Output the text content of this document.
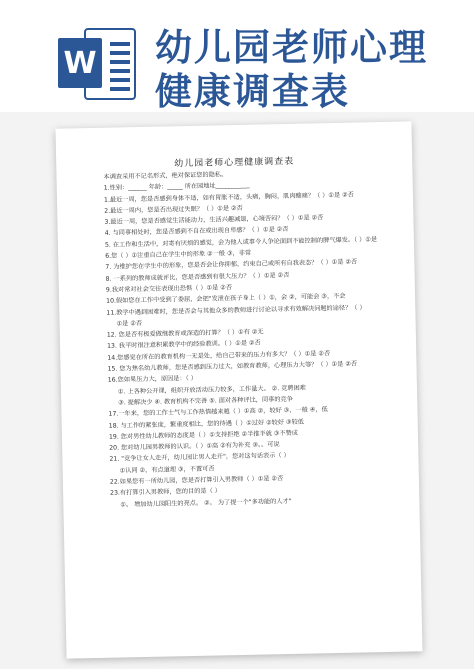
W 幼儿园老师心理健康调查表
幼儿园老师心理健康调查表
本调查采用不记名形式，绝对保证您的隐私。
1.性别：______ 年龄：_____ 所在园地址___________
1.最近一周，您是否感到身体不适，如有胃胀不适，头痛，胸闷，肌肉酸痛？（ ）①是 ②否
2.最近一周内，您是否出现过失眠？（ ）①是 ②否
3.最近一周，您是否感觉生活能动力，生活兴趣减退，心境苦闷？（ ）①是 ②否
4. 与同事相处时，您是否感到不自在或出现自卑感？（ ）①是 ②否
5. 在工作和生活中，对寄有厌烦的感觉，会为他人或事令人争论面到不能控制的脾气爆发。（ ）①是
6.您（ ）①注重自己在学生中的形象 ②一般 ③，非常
7. 为维护您在学生中的形象，您是否会让你抑郁，约束自己或所有自我表态？（ ）①是 ②否
8. 一系列的教师成就评比，您是否感到有很大压力？（ ）①是 ②否
9.我对常对社会交往表现出恐惧（ ）①是 ②否
10.假如您在工作中受到了委屈，会把"发泄在孩子身上（ ）①，会 ②，可能会 ③，不会
11.教学中遇到困难时，您是否会与其他众多的教师进行讨论以寻求有效解决问题的途径？（ ）
①是 ②否
12. 您是否有极爱做继教育或深造的打算？（ ）①有 ②无
13. 我平时很注意积累教学中的经验教训。（ ）①是 ②否
14.您感觉在所在的教育机构一无是处，给自己带来的压力有多大？（ ）①是 ②否
15. 您为焦名幼儿教师，您是否感到压力过大，如教育教师，心理压力大等？（ ）①是 ②否
16.您如果压力大，原因是：（ ）
①. 上各种公开课，组织开放活动压力较多，工作量大。 ②. 竞聘困难
③. 提解决少 ④. 教育机构不完善 ⑤. 面对各种评比，同事的竞争
17.一年来，您的工作士气与工作热情越来越（ ）①高 ②，较好 ③，一般 ④，低
18. 与工作的紧张度，繁重度相比，您的待遇（ ）①过好 ②较好 ③较低
19. 您对男性幼儿教师的态度是（ ）①支持拒绝 ②半推半就 ③不赞成
20. 您对幼儿园男教师的认识。（ ）①高 ②有为补充 ③。。可说
21. "竞争让女人走开，幼儿园让男人走开"，您对这句话表示（ ）
①认同 ②，有点道理 ③，不置可否
22.如果您有一所幼儿园，您是否打算引入男教师（ ）①是 ②否
23.有打算引入男教师，您的目的是（ ）
①。 增加幼儿园阳生的亮点。 ②。 为了提一个"多功能的人才"
